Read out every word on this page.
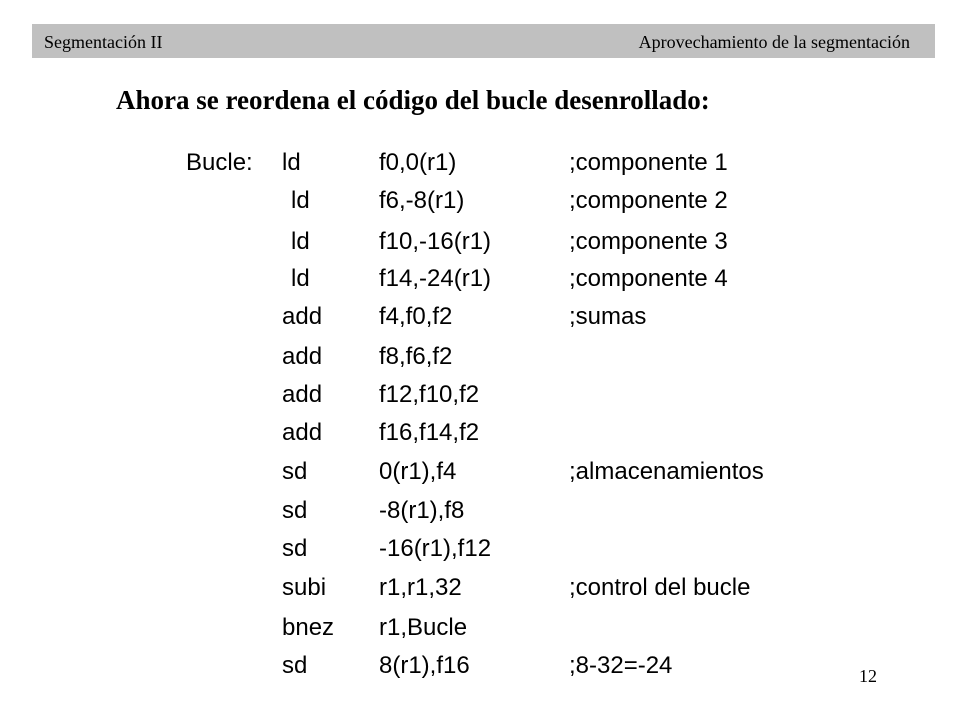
Segmentación II	Aprovechamiento de la segmentación
Ahora se reordena el código del bucle desenrollado:
Bucle: ld	f0,0(r1)	;componente 1
ld	f6,-8(r1)	;componente 2
ld	f10,-16(r1)	;componente 3
ld	f14,-24(r1)	;componente 4
add f4,f0,f2	;sumas
add f8,f6,f2
add f12,f10,f2
add f16,f14,f2
sd	0(r1),f4	;almacenamientos
sd	-8(r1),f8
sd	-16(r1),f12
subi r1,r1,32	;control del bucle
bnez r1,Bucle
sd	8(r1),f16	;8-32=-24	12
